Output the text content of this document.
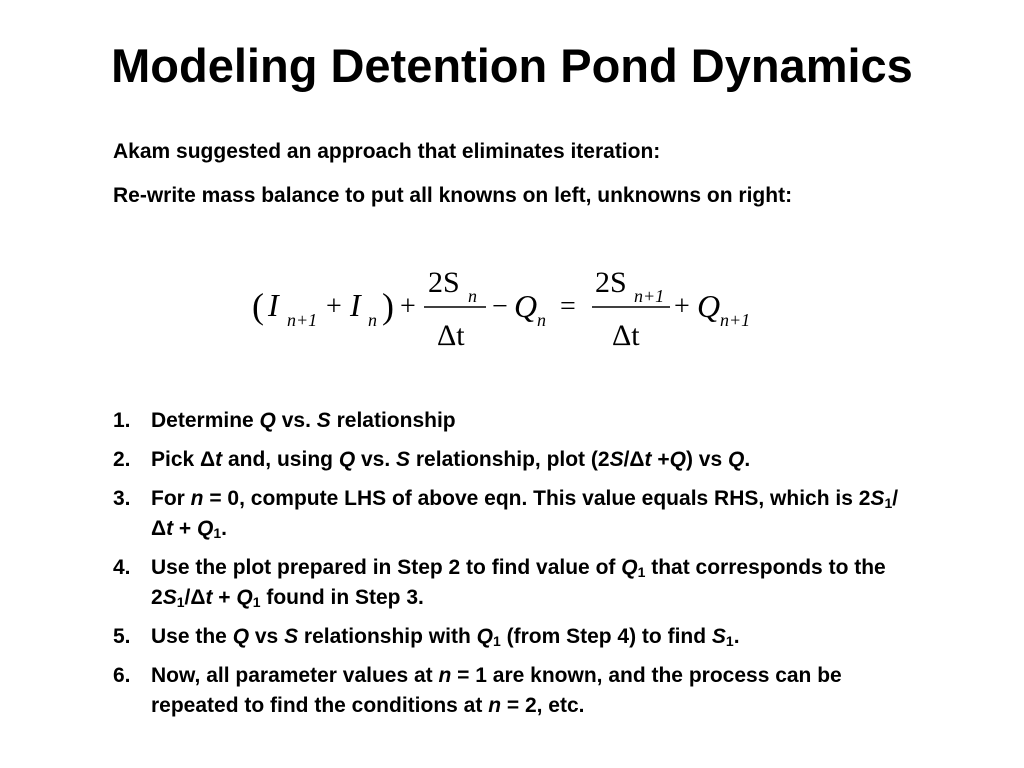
Modeling Detention Pond Dynamics
Akam suggested an approach that eliminates iteration:
Re-write mass balance to put all knowns on left, unknowns on right:
( I n+1 + I n ) +
2S n
Δt
− Q n =
2S n+1
Δt
+ Q n+1
1. Determine Q vs. S relationship
2. Pick Δt and, using Q vs. S relationship, plot (2S/Δt +Q) vs Q.
3. For n = 0, compute LHS of above eqn. This value equals RHS, which is $2S_1/\Delta t + Q_1$.
4. Use the plot prepared in Step 2 to find value of $Q_1$ that corresponds to the $2S_1/\Delta t + Q_1$ found in Step 3.
5. Use the Q vs S relationship with $Q_1$ (from Step 4) to find $S_1$.
6. Now, all parameter values at n = 1 are known, and the process can be repeated to find the conditions at n = 2, etc.
